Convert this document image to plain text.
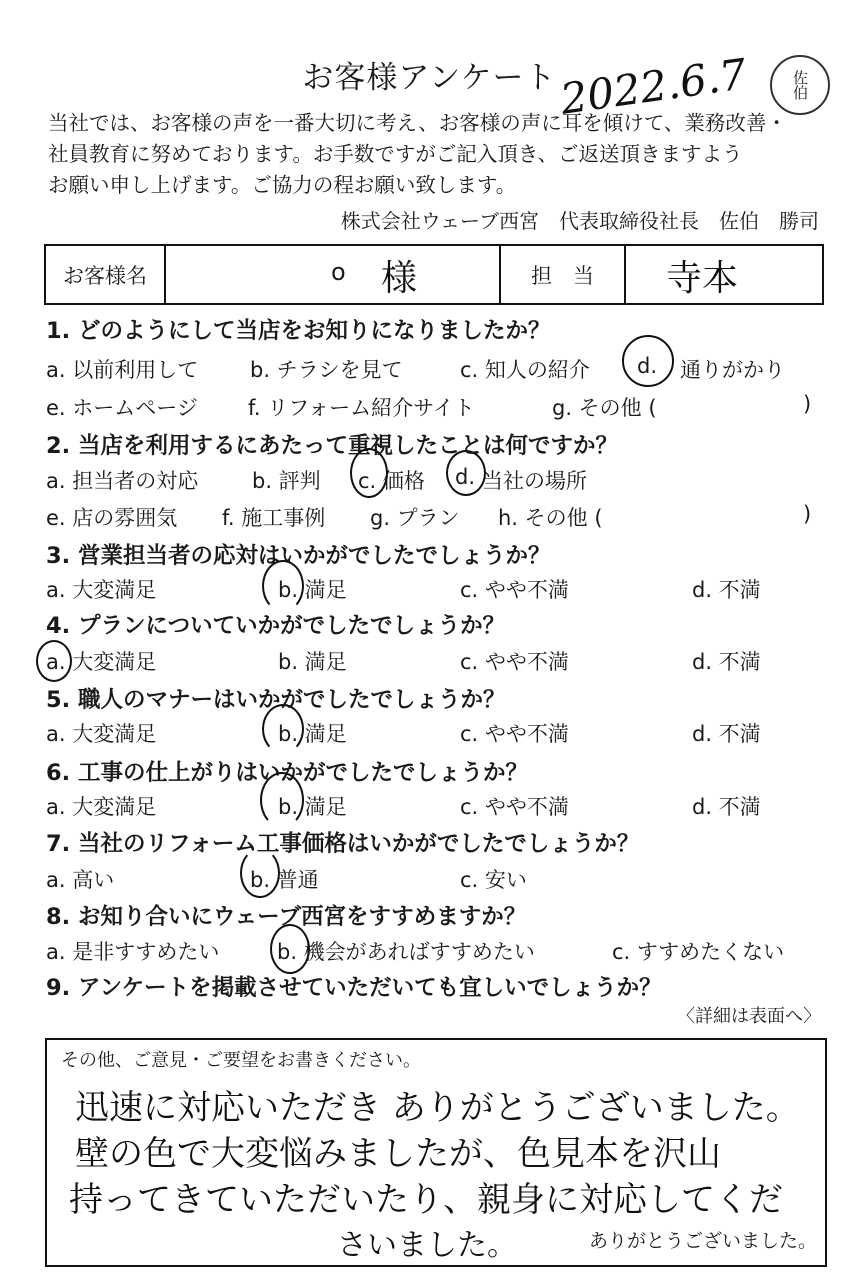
お客様アンケート 2022.6.7	佐伯
当社では、お客様の声を一番大切に考え、お客様の声に耳を傾けて、業務改善・
社員教育に努めております。お手数ですがご記入頂き、ご返送頂きますよう
お願い申し上げます。ご協力の程お願い致します。
株式会社ウェーブ西宮　代表取締役社長　佐伯　勝司
お客様名	o 様	担　当	寺本
1. どのようにして当店をお知りになりましたか？
a. 以前利用して b. チラシを見て	c. 知人の紹介 d. 通りがかり
e. ホームページ f. リフォーム紹介サイト	g. その他 (	)
2. 当店を利用するにあたって重視したことは何ですか？
a. 担当者の対応	b. 評判 c. 価格 d. 当社の場所
e. 店の雰囲気 f. 施工事例 g. プラン h. その他 (	)
3. 営業担当者の応対はいかがでしたでしょうか？
a. 大変満足	b. 満足	c. やや不満	d. 不満
4. プランについていかがでしたでしょうか？
a. 大変満足	b. 満足	c. やや不満	d. 不満
5. 職人のマナーはいかがでしたでしょうか？
a. 大変満足	b. 満足	c. やや不満	d. 不満
6. 工事の仕上がりはいかがでしたでしょうか？
a. 大変満足	b. 満足	c. やや不満	d. 不満
7. 当社のリフォーム工事価格はいかがでしたでしょうか？
a. 高い	b. 普通	c. 安い
8. お知り合いにウェーブ西宮をすすめますか？
a. 是非すすめたい	b. 機会があればすすめたい	c. すすめたくない
9. アンケートを掲載させていただいても宜しいでしょうか？
〈詳細は表面へ〉
その他、ご意見・ご要望をお書きください。
迅速に対応いただき ありがとうございました。
壁の色で大変悩みましたが、色見本を沢山
持ってきていただいたり、親身に対応してくだ
さいました。	ありがとうございました。
